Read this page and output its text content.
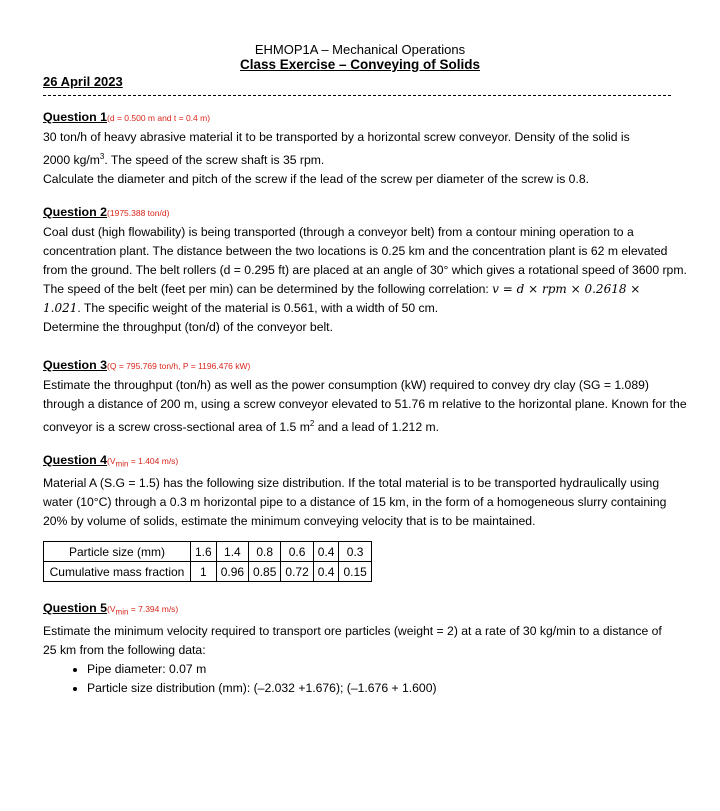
EHMOP1A – Mechanical Operations
Class Exercise – Conveying of Solids
26 April 2023
Question 1(d = 0.500 m and t = 0.4 m)
30 ton/h of heavy abrasive material it to be transported by a horizontal screw conveyor. Density of the solid is
2000 $kg/m^3$. The speed of the screw shaft is 35 rpm.
Calculate the diameter and pitch of the screw if the lead of the screw per diameter of the screw is 0.8.
Question 2(1975.388 ton/d)
Coal dust (high flowability) is being transported (through a conveyor belt) from a contour mining operation to a
concentration plant. The distance between the two locations is 0.25 km and the concentration plant is 62 m elevated
from the ground. The belt rollers (d = 0.295 ft) are placed at an angle of 30° which gives a rotational speed of 3600 rpm.
The speed of the belt (feet per min) can be determined by the following correlation: v = d × rpm × 0.2618 ×
1.021. The specific weight of the material is 0.561, with a width of 50 cm.
Determine the throughput (ton/d) of the conveyor belt.
Question 3(Q = 795.769 ton/h, P = 1196.476 kW)
Estimate the throughput (ton/h) as well as the power consumption (kW) required to convey dry clay (SG = 1.089)
through a distance of 200 m, using a screw conveyor elevated to 51.76 m relative to the horizontal plane. Known for the
conveyor is a screw cross-sectional area of 1.5 $m^2$ and a lead of 1.212 m.
Question $4(V_{min} = 1.404$ m/s)
Material A (S.G = 1.5) has the following size distribution. If the total material is to be transported hydraulically using
water (10°C) through a 0.3 m horizontal pipe to a distance of 15 km, in the form of a homogeneous slurry containing
20% by volume of solids, estimate the minimum conveying velocity that is to be maintained.
Particle size (mm)	1.6	1.4	0.8	0.6	0.4	0.3
Cumulative mass fraction	1	0.96	0.85	0.72	0.4	0.15
Question $5(V_{min} = 7.394$ m/s)
Estimate the minimum velocity required to transport ore particles (weight = 2) at a rate of 30 kg/min to a distance of
25 km from the following data:
• Pipe diameter: 0.07 m
• Particle size distribution (mm): (–2.032 +1.676); (–1.676 + 1.600)
